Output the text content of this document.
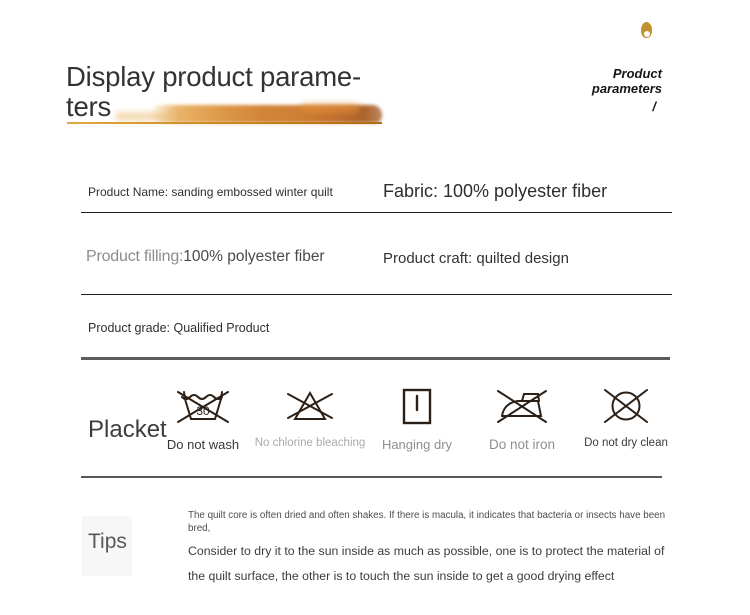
Display product parame-
ters
Product
parameters
/
Product Name: sanding embossed winter quilt	Fabric: 100% polyester fiber
Product filling:100% polyester fiber	Product craft: quilted design
Product grade: Qualified Product
Placket
30
Do not wash No chlorine bleaching Hanging dry	Do not iron	Do not dry clean
Tips
The quilt core is often dried and often shakes. If there is macula, it indicates that bacteria or insects have been bred,
Consider to dry it to the sun inside as much as possible, one is to protect the material of
the quilt surface, the other is to touch the sun inside to get a good drying effect
